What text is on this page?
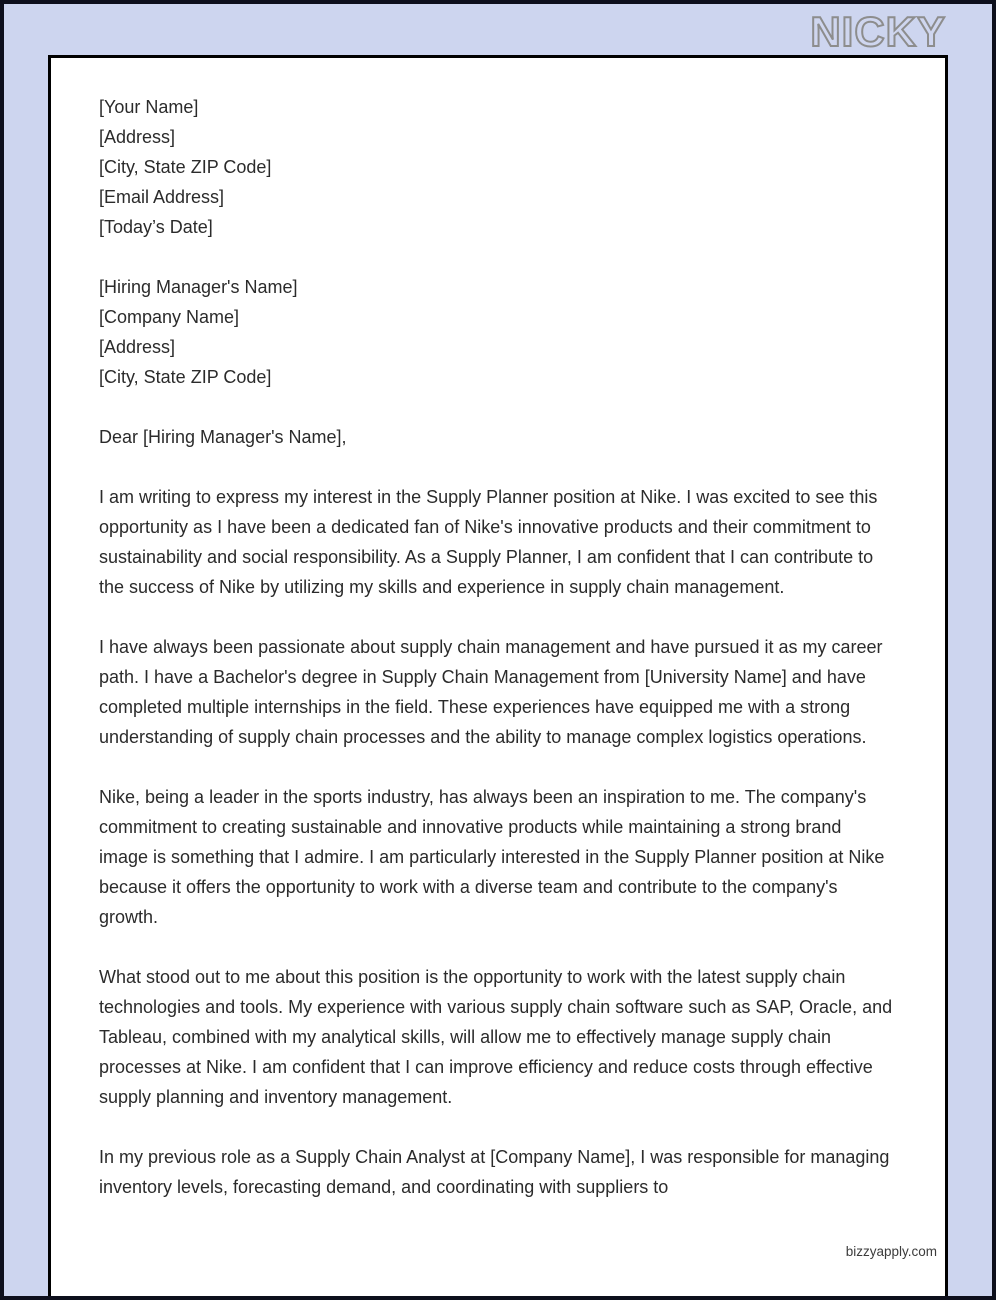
NICKY
[Your Name]
[Address]
[City, State ZIP Code]
[Email Address]
[Today’s Date]
[Hiring Manager's Name]
[Company Name]
[Address]
[City, State ZIP Code]

Dear [Hiring Manager's Name],

I am writing to express my interest in the Supply Planner position at Nike. I was excited to see this opportunity as I have been a dedicated fan of Nike's innovative products and their commitment to sustainability and social responsibility. As a Supply Planner, I am confident that I can contribute to the success of Nike by utilizing my skills and experience in supply chain management.

I have always been passionate about supply chain management and have pursued it as my career path. I have a Bachelor's degree in Supply Chain Management from [University Name] and have completed multiple internships in the field. These experiences have equipped me with a strong understanding of supply chain processes and the ability to manage complex logistics operations.

Nike, being a leader in the sports industry, has always been an inspiration to me. The company's commitment to creating sustainable and innovative products while maintaining a strong brand image is something that I admire. I am particularly interested in the Supply Planner position at Nike because it offers the opportunity to work with a diverse team and contribute to the company's growth.

What stood out to me about this position is the opportunity to work with the latest supply chain technologies and tools. My experience with various supply chain software such as SAP, Oracle, and Tableau, combined with my analytical skills, will allow me to effectively manage supply chain processes at Nike. I am confident that I can improve efficiency and reduce costs through effective supply planning and inventory management.

In my previous role as a Supply Chain Analyst at [Company Name], I was responsible for managing inventory levels, forecasting demand, and coordinating with suppliers to

bizzyapply.com
